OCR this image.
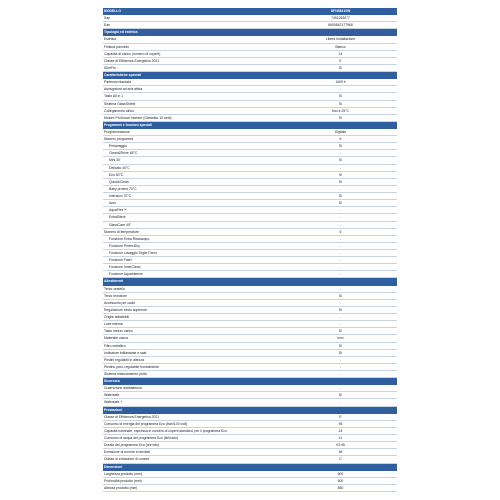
MODELLO	DFN38410W
Sap	7451263077
Ean	8690842177968
Tipologia ed estetica
Estetica	Libera Installazione
Finitura pannello	Bianco
Capacità di carico (numero di coperti)	14
Classe di Efficienza Energetica 2021	E
SlimPro	Sì
Caratteristiche speciali
Partenza ritardata	1/6/9 h
Asciugatura ad aria attiva	-
Tasto All in 1	Sì
Sistema GlassShield	Sì
Collegamento idrico	fino a 25°C
Motore ProSmart Inverter (Garantito 10 anni)	Sì
Programmi e funzioni speciali
Programmazione	Digitale
Numero programmi	6
Prelavaggio	Sì
Clean&Shine 65°C	-
Mini 30'	Sì
Delicato 40°C	-
Eco 50°C	Sì
Quick&Clean	Sì
Baby protect 70°C	-
Intensivo 70°C	Sì
Auto	Sì
AquaFlex™	-
ExtraSilent	-
GlassCare 40°	-
Numero di temperature	6
Funzione Extra Risciacquo	-
Funzione PerfectDry	-
Funzione Lavaggio Teglie Forno	-
Funzione Fast+	-
Funzione InnerClean	-
Funzione AquaIntense	-
Allestimenti
Terzo cestello	-
Terzo irroratore	Sì
Accessorio per calici	-
Regolazione cesto superiore	Sì
Griglie abbattibili	-
Luce interna	-
Tasto mezzo carico	Sì
Materiale vasca	Inox
Filtro metallico	Sì
Indicatore brillantante e sale	Sì
Piedini regolabili in altezza	-
Piedino post. regolabile frontalmente	-
Sistema bilanciamento porta	-
Sicurezza
Guarnizione antibatterica	-
Watersafe	Sì
Watersafe +	-
Prestazioni
Classe di Efficienza Energetica 2021	E
Consumo di energia del programma Eco (kwh/100 cicli)	95
Capacità nominale, espressa in numero di coperti standard, per il programma Eco	14
Consumo di acqua del programma Eco (litri/ciclo)	11
Durata del programma Eco (ore:min)	03:45
Emissione di rumore in decibel	46
Classe di emissione di rumore	C
Dimensioni
Larghezza prodotto (mm)	600
Profondità prodotto (mm)	600
Altezza prodotto (mm)	850
